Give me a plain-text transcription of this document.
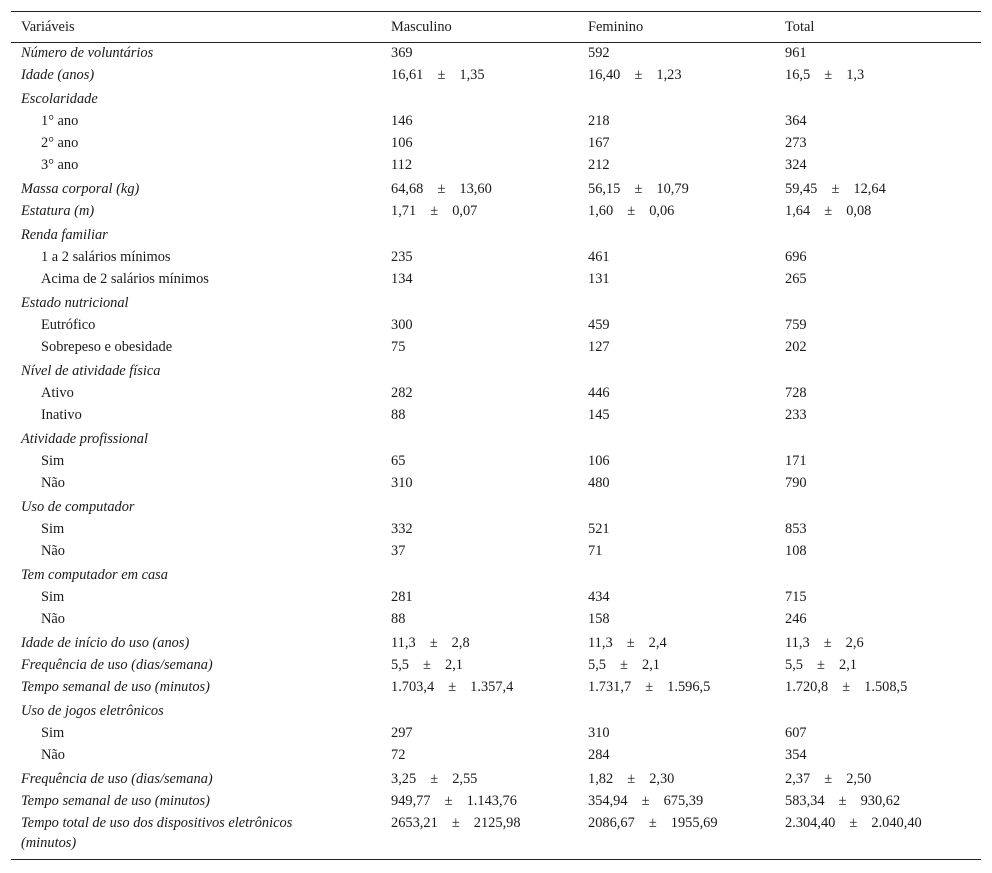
Variáveis	Masculino	Feminino	Total
Número de voluntários	369	592	961
Idade (anos)	16,61 ± 1,35	16,40 ± 1,23	16,5 ± 1,3
Escolaridade			
1° ano	146	218	364
2° ano	106	167	273
3° ano	112	212	324
Massa corporal (kg)	64,68 ± 13,60	56,15 ± 10,79	59,45 ± 12,64
Estatura (m)	1,71 ± 0,07	1,60 ± 0,06	1,64 ± 0,08
Renda familiar			
1 a 2 salários mínimos	235	461	696
Acima de 2 salários mínimos	134	131	265
Estado nutricional			
Eutrófico	300	459	759
Sobrepeso e obesidade	75	127	202
Nível de atividade física			
Ativo	282	446	728
Inativo	88	145	233
Atividade profissional			
Sim	65	106	171
Não	310	480	790
Uso de computador			
Sim	332	521	853
Não	37	71	108
Tem computador em casa			
Sim	281	434	715
Não	88	158	246
Idade de início do uso (anos)	11,3 ± 2,8	11,3 ± 2,4	11,3 ± 2,6
Frequência de uso (dias/semana)	5,5 ± 2,1	5,5 ± 2,1	5,5 ± 2,1
Tempo semanal de uso (minutos)	1.703,4 ± 1.357,4	1.731,7 ± 1.596,5	1.720,8 ± 1.508,5
Uso de jogos eletrônicos			
Sim	297	310	607
Não	72	284	354
Frequência de uso (dias/semana)	3,25 ± 2,55	1,82 ± 2,30	2,37 ± 2,50
Tempo semanal de uso (minutos)	949,77 ± 1.143,76	354,94 ± 675,39	583,34 ± 930,62
Tempo total de uso dos dispositivos eletrônicos (minutos)	2653,21 ± 2125,98	2086,67 ± 1955,69	2.304,40 ± 2.040,40
